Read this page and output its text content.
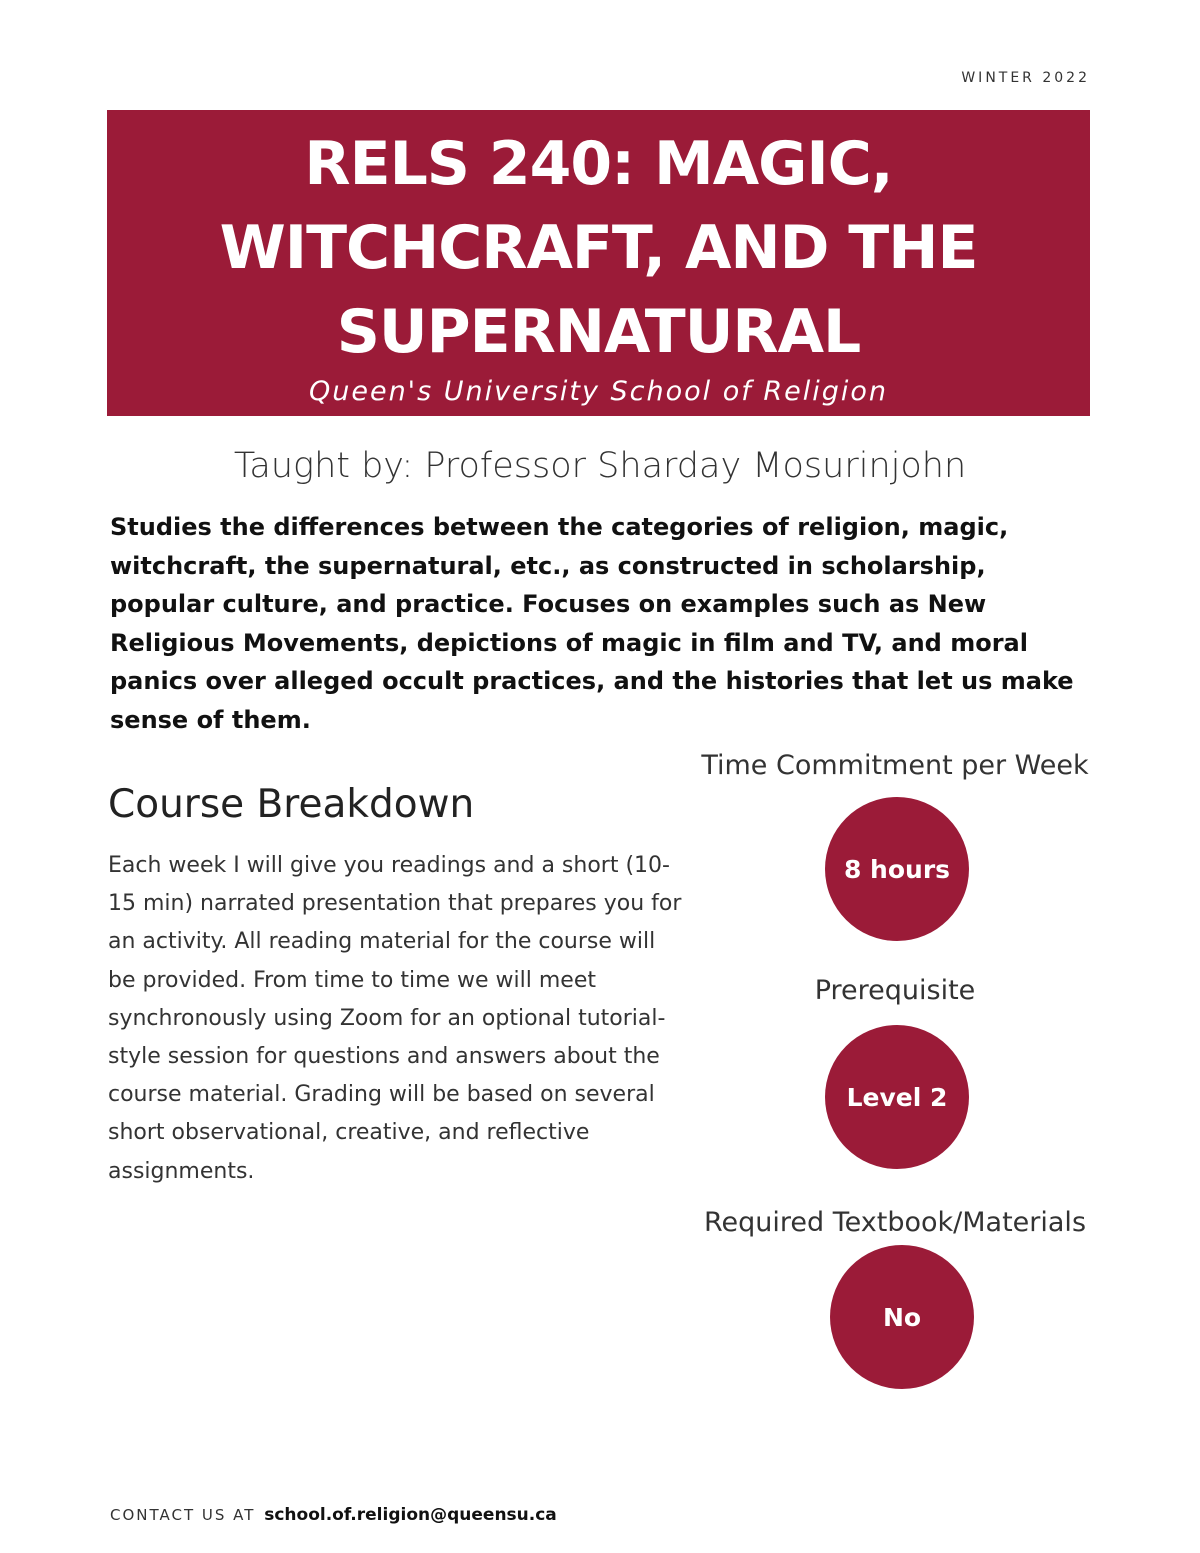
WINTER 2022
RELS 240: MAGIC, WITCHCRAFT, AND THE SUPERNATURAL
Queen's University School of Religion
Taught by: Professor Sharday Mosurinjohn
Studies the differences between the categories of religion, magic, witchcraft, the supernatural, etc., as constructed in scholarship, popular culture, and practice. Focuses on examples such as New Religious Movements, depictions of magic in film and TV, and moral panics over alleged occult practices, and the histories that let us make sense of them.
Course Breakdown
Each week I will give you readings and a short (10-15 min) narrated presentation that prepares you for an activity. All reading material for the course will be provided. From time to time we will meet synchronously using Zoom for an optional tutorial-style session for questions and answers about the course material. Grading will be based on several short observational, creative, and reflective assignments.
Time Commitment per Week
8 hours
Prerequisite
Level 2
Required Textbook/Materials
No
CONTACT US AT school.of.religion@queensu.ca
